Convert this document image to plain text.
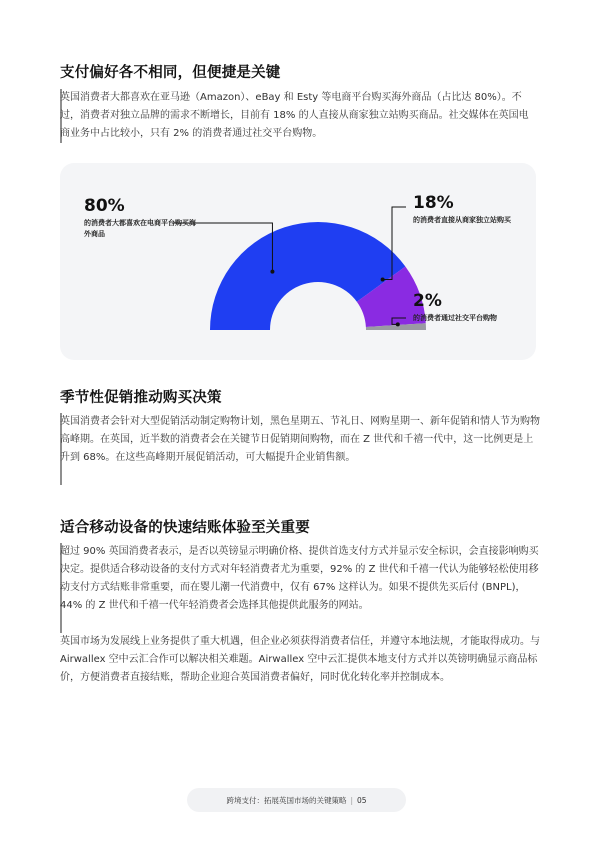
支付偏好各不相同，但便捷是关键

英国消费者大都喜欢在亚马逊（Amazon）、eBay 和 Esty 等电商平台购买海外商品（占比达 80%）。不过，消费者对独立品牌的需求不断增长，目前有 18% 的人直接从商家独立站购买商品。社交媒体在英国电商业务中占比较小，只有 2% 的消费者通过社交平台购物。

80%
的消费者大都喜欢在电商平台购买海外商品
18%
的消费者直接从商家独立站购买
2%
的消费者通过社交平台购物
季节性促销推动购买决策

英国消费者会针对大型促销活动制定购物计划，黑色星期五、节礼日、网购星期一、新年促销和情人节为购物高峰期。在英国，近半数的消费者会在关键节日促销期间购物，而在 Z 世代和千禧一代中，这一比例更是上升到 68%。在这些高峰期开展促销活动，可大幅提升企业销售额。

适合移动设备的快速结账体验至关重要

超过 90% 英国消费者表示，是否以英镑显示明确价格、提供首选支付方式并显示安全标识，会直接影响购买决定。提供适合移动设备的支付方式对年轻消费者尤为重要，92% 的 Z 世代和千禧一代认为能够轻松使用移动支付方式结账非常重要，而在婴儿潮一代消费中，仅有 67% 这样认为。如果不提供先买后付 (BNPL)，44% 的 Z 世代和千禧一代年轻消费者会选择其他提供此服务的网站。

英国市场为发展线上业务提供了重大机遇，但企业必须获得消费者信任，并遵守本地法规，才能取得成功。与 Airwallex 空中云汇合作可以解决相关难题。Airwallex 空中云汇提供本地支付方式并以英镑明确显示商品标价，方便消费者直接结账，帮助企业迎合英国消费者偏好，同时优化转化率并控制成本。

跨境支付：拓展英国市场的关键策略 | 05
